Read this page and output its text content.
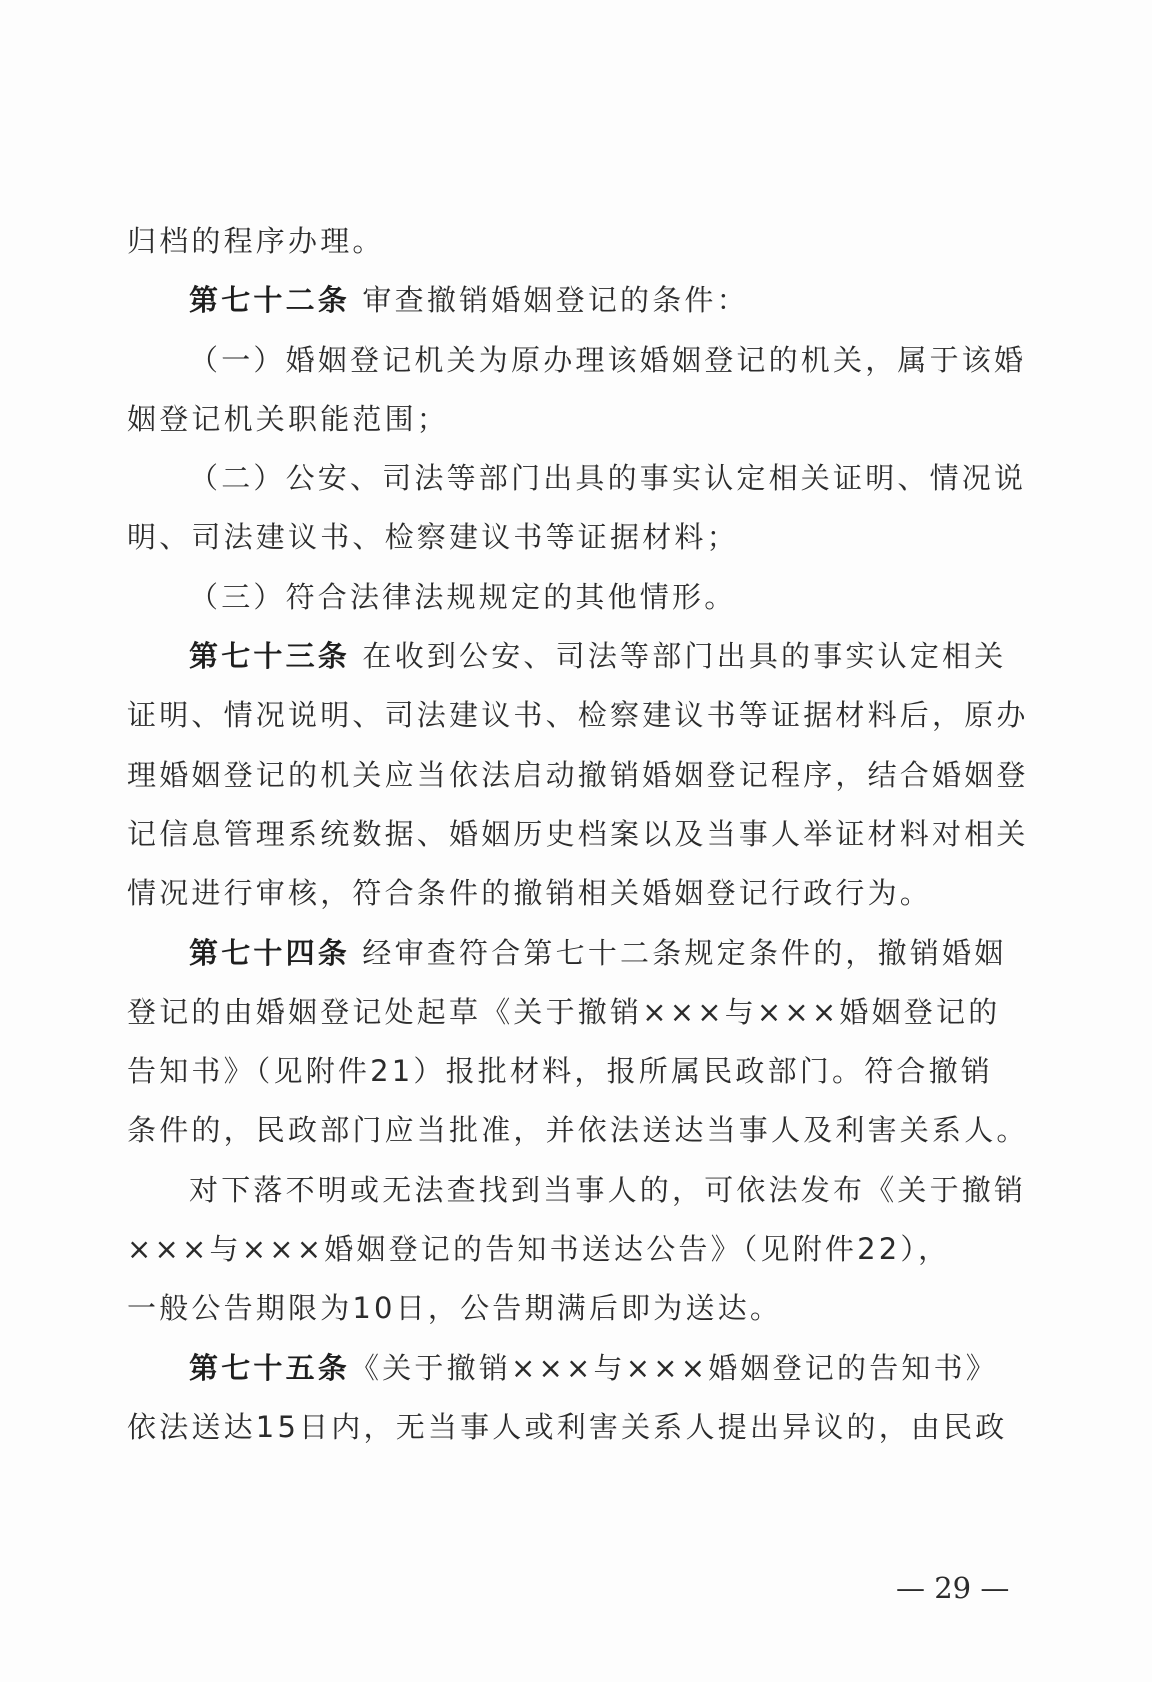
归档的程序办理。
第七十二条 审查撤销婚姻登记的条件：
（一）婚姻登记机关为原办理该婚姻登记的机关，属于该婚
姻登记机关职能范围；
（二）公安、司法等部门出具的事实认定相关证明、情况说
明、司法建议书、检察建议书等证据材料；
（三）符合法律法规规定的其他情形。
第七十三条 在收到公安、司法等部门出具的事实认定相关
证明、情况说明、司法建议书、检察建议书等证据材料后，原办
理婚姻登记的机关应当依法启动撤销婚姻登记程序，结合婚姻登
记信息管理系统数据、婚姻历史档案以及当事人举证材料对相关
情况进行审核，符合条件的撤销相关婚姻登记行政行为。
第七十四条 经审查符合第七十二条规定条件的，撤销婚姻
登记的由婚姻登记处起草《关于撤销×××与×××婚姻登记的
告知书》（见附件21）报批材料，报所属民政部门。符合撤销
条件的，民政部门应当批准，并依法送达当事人及利害关系人。
对下落不明或无法查找到当事人的，可依法发布《关于撤销
×××与×××婚姻登记的告知书送达公告》（见附件22），
一般公告期限为10日，公告期满后即为送达。
第七十五条《关于撤销×××与×××婚姻登记的告知书》
依法送达15日内，无当事人或利害关系人提出异议的，由民政
— 29 —
